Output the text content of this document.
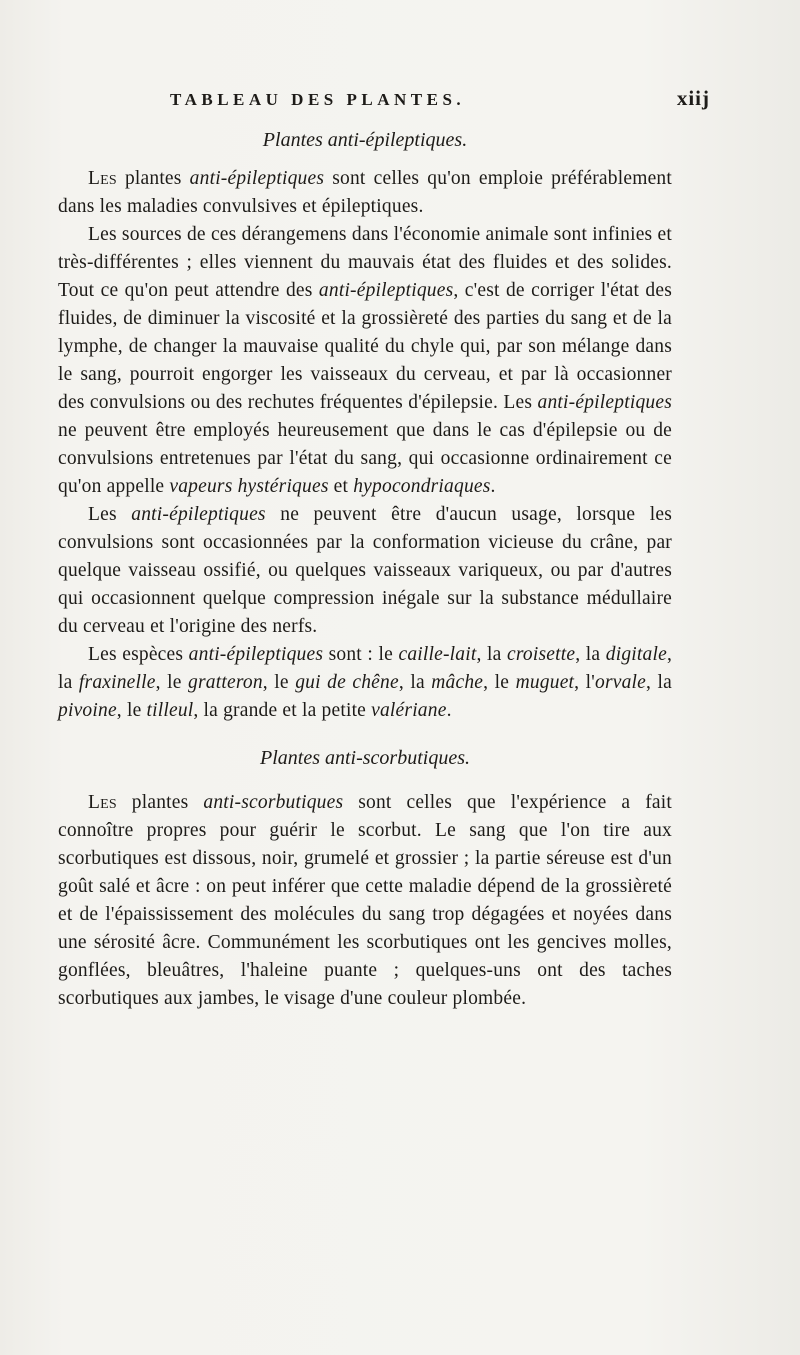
TABLEAU DES PLANTES.	xiij
Plantes anti-épileptiques.

Les plantes anti-épileptiques sont celles qu'on emploie préférablement dans les maladies convulsives et épileptiques.

Les sources de ces dérangemens dans l'économie animale sont infinies et très-différentes ; elles viennent du mauvais état des fluides et des solides. Tout ce qu'on peut attendre des anti-épileptiques, c'est de corriger l'état des fluides, de diminuer la viscosité et la grossièreté des parties du sang et de la lymphe, de changer la mauvaise qualité du chyle qui, par son mélange dans le sang, pourroit engorger les vaisseaux du cerveau, et par là occasionner des convulsions ou des rechutes fréquentes d'épilepsie. Les anti-épileptiques ne peuvent être employés heureusement que dans le cas d'épilepsie ou de convulsions entretenues par l'état du sang, qui occasionne ordinairement ce qu'on appelle vapeurs hystériques et hypocondriaques.

Les anti-épileptiques ne peuvent être d'aucun usage, lorsque les convulsions sont occasionnées par la conformation vicieuse du crâne, par quelque vaisseau ossifié, ou quelques vaisseaux variqueux, ou par d'autres qui occasionnent quelque compression inégale sur la substance médullaire du cerveau et l'origine des nerfs.

Les espèces anti-épileptiques sont : le caille-lait, la croisette, la digitale, la fraxinelle, le gratteron, le gui de chêne, la mâche, le muguet, l'orvale, la pivoine, le tilleul, la grande et la petite valériane.

Plantes anti-scorbutiques.

Les plantes anti-scorbutiques sont celles que l'expérience a fait connoître propres pour guérir le scorbut. Le sang que l'on tire aux scorbutiques est dissous, noir, grumelé et grossier ; la partie séreuse est d'un goût salé et âcre : on peut inférer que cette maladie dépend de la grossièreté et de l'épaississement des molécules du sang trop dégagées et noyées dans une sérosité âcre. Communément les scorbutiques ont les gencives molles, gonflées, bleuâtres, l'haleine puante ; quelques-uns ont des taches scorbutiques aux jambes, le visage d'une couleur plombée.
